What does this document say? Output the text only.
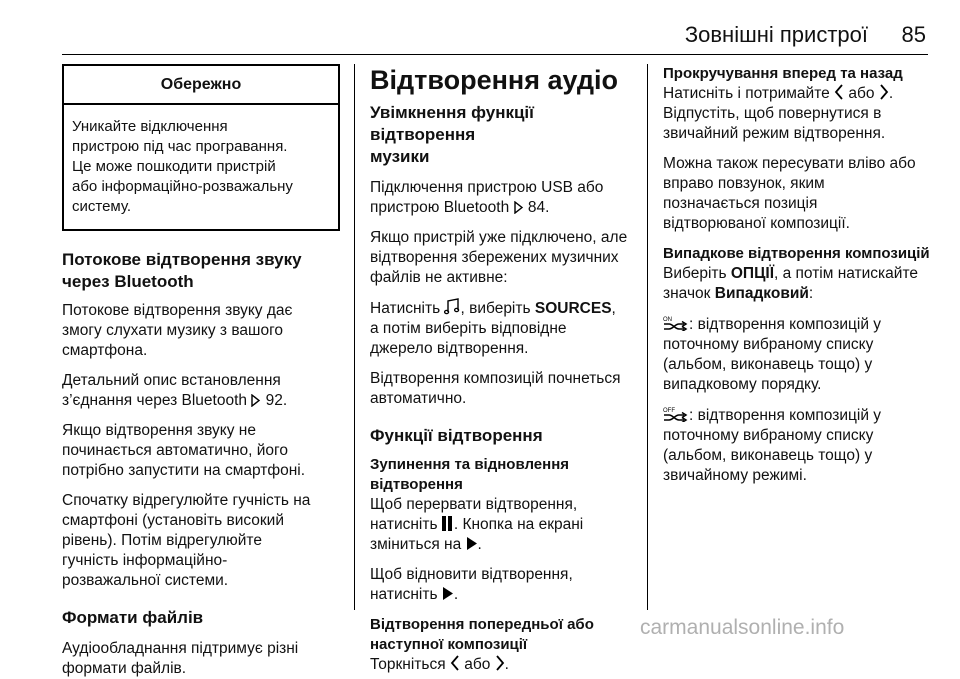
Зовнішні пристрої 85
Обережно
Уникайте відключення
пристрою під час програвання.
Це може пошкодити пристрій
або інформаційно-розважальну
систему.
Потокове відтворення звуку
через Bluetooth

Потокове відтворення звуку дає
змогу слухати музику з вашого
смартфона.

Детальний опис встановлення
з’єднання через Bluetooth 92.

Якщо відтворення звуку не
починається автоматично, його
потрібно запустити на смартфоні.

Спочатку відрегулюйте гучність на
смартфоні (установіть високий
рівень). Потім відрегулюйте
гучність інформаційно-
розважальної системи.

Формати файлів

Аудіообладнання підтримує різні
формати файлів.

Відтворення аудіо
Увімкнення функції відтворення
музики

Підключення пристрою USB або
пристрою Bluetooth 84.

Якщо пристрій уже підключено, але
відтворення збережених музичних
файлів не активне:

Натисніть , виберіть SOURCES,
а потім виберіть відповідне
джерело відтворення.

Відтворення композицій почнеться
автоматично.

Функції відтворення
Зупинення та відновлення
відтворення

Щоб перервати відтворення,
натисніть . Кнопка на екрані
зміниться на .

Щоб відновити відтворення,
натисніть .

Відтворення попередньої або
наступної композиції

Торкніться або .

Прокручування вперед та назад

Натисніть і потримайте або .
Відпустіть, щоб повернутися в
звичайний режим відтворення.

Можна також пересувати вліво або
вправо повзунок, яким
позначається позиція
відтворюваної композиції.

Випадкове відтворення композицій

Виберіть ОПЦІЇ, а потім натискайте
значок Випадковий:

ON : відтворення композицій у
поточному вибраному списку
(альбом, виконавець тощо) у
випадковому порядку.

OFF : відтворення композицій у
поточному вибраному списку
(альбом, виконавець тощо) у
звичайному режимі.

carmanualsonline.info
